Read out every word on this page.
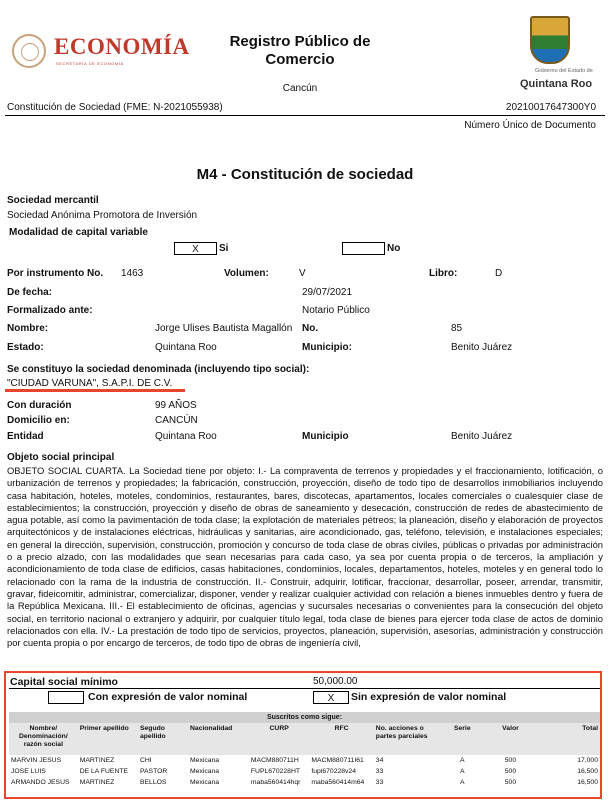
ECONOMÍA
SECRETARÍA DE ECONOMÍA
Registro Público de Comercio
Cancún
Gobierno del Estado de
Quintana Roo
Constitución de Sociedad (FME: N-2021055938)	20210017647300Y0
Número Único de Documento
M4 - Constitución de sociedad
Sociedad mercantil
Sociedad Anónima Promotora de Inversión
Modalidad de capital variable
X	Si	No
Por instrumento No. 1463	Volumen:	V	Libro:	D
De fecha:	29/07/2021
Formalizado ante:	Notario Público
Nombre:	Jorge Ulises Bautista Magallón No.	85
Estado:	Quintana Roo	Municipio:	Benito Juárez
Se constituyo la sociedad denominada (incluyendo tipo social):
"CIUDAD VARUNA", S.A.P.I. DE C.V.
Con duración	99 AÑOS
Domicilio en:	CANCÚN
Entidad	Quintana Roo	Municipio	Benito Juárez
Objeto social principal
OBJETO SOCIAL CUARTA. La Sociedad tiene por objeto: I.- La compraventa de terrenos y propiedades y el fraccionamiento, lotificación, o urbanización de terrenos y propiedades; la fabricación, construcción, proyección, diseño de todo tipo de desarrollos inmobiliarios incluyendo casa habitación, hoteles, moteles, condominios, restaurantes, bares, discotecas, apartamentos, locales comerciales o cualesquier clase de establecimientos; la construcción, proyección y diseño de obras de saneamiento y desecación, construcción de redes de abastecimiento de agua potable, así como la pavimentación de toda clase; la explotación de materiales pétreos; la planeación, diseño y elaboración de proyectos arquitectónicos y de instalaciones eléctricas, hidráulicas y sanitarias, aire acondicionado, gas, teléfono, televisión, e instalaciones especiales; en general la dirección, supervisión, construcción, promoción y concurso de toda clase de obras civiles, públicas o privadas por administración o a precio alzado, con las modalidades que sean necesarias para cada caso, ya sea por cuenta propia o de terceros, la ampliación y acondicionamiento de toda clase de edificios, casas habitaciones, condominios, locales, departamentos, hoteles, moteles y en general todo lo relacionado con la rama de la industria de construcción. II.- Construir, adquirir, lotificar, fraccionar, desarrollar, poseer, arrendar, transmitir, gravar, fideicomitir, administrar, comercializar, disponer, vender y realizar cualquier actividad con relación a bienes inmuebles dentro y fuera de la República Mexicana. III.- El establecimiento de oficinas, agencias y sucursales necesarias o convenientes para la consecución del objeto social, en territorio nacional o extranjero y adquirir, por cualquier título legal, toda clase de bienes para ejercer toda clase de actos de dominio relacionados con ella. IV.- La prestación de todo tipo de servicios, proyectos, planeación, supervisión, asesorías, administración y construcción por cuenta propia o por encargo de terceros, de todo tipo de obras de ingeniería civil,
Capital social mínimo	50,000.00
Con expresión de valor nominal	X	Sin expresión de valor nominal
Suscritos como sigue:
Nombre/ Denominación/ razón social	Primer apellido	Segudo apellido	Nacionalidad	CURP	RFC	No. acciones o partes parciales	Serie	Valor	Total
MARVIN JESUS	MARTINEZ	CHI	Mexicana	MACM880711H	MACM880711I61	34	A	500	17,000
JOSE LUIS	DE LA FUENTE	PASTOR	Mexicana	FUPL670228HT	fupl670228v24	33	A	500	16,500
ARMANDO JESUS	MARTINEZ	BELLOS	Mexicana	maba560414hqr	maba560414m64	33	A	500	16,500
